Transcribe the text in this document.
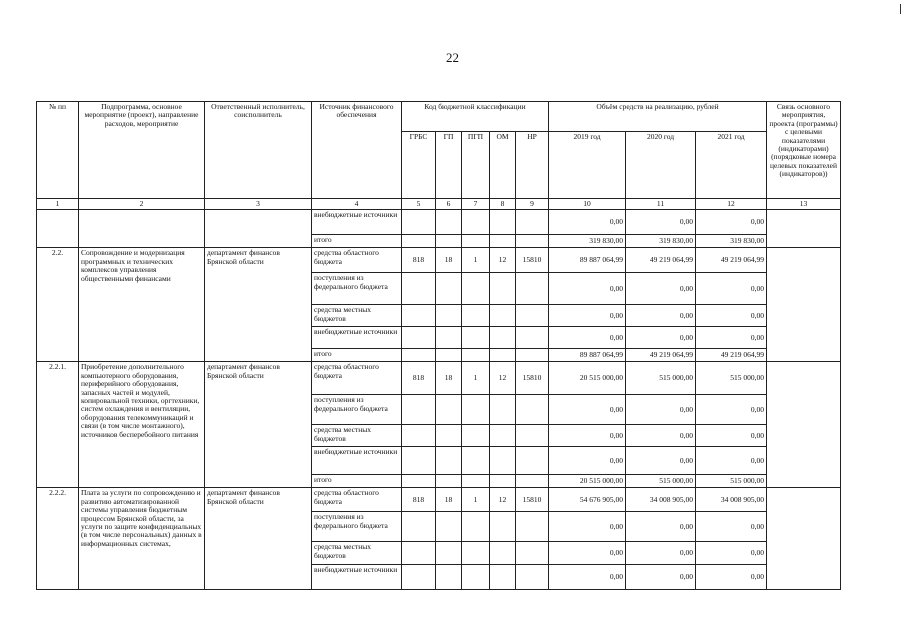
22
№ пп	Подпрограмма, основное мероприятие (проект), направление расходов, мероприятие	Ответственный исполнитель, соисполнитель	Источник финансового обеспечения	Код бюджетной классификации					Объём средств на реализацию, рублей			Связь основного мероприятия, проекта (программы) с целевыми показателями (индикаторами) (порядковые номера целевых показателей (индикаторов))
				ГРБС	ГП	ПГП	ОМ	НР	2019 год	2020 год	2021 год	
1	2	3	4	5	6	7	8	9	10	11	12	13
			внебюджетные источники						0,00	0,00	0,00	
			итого						319 830,00	319 830,00	319 830,00	
2.2.	Сопровождение и модернизация программных и технических комплексов управления общественными финансами	департамент финансов Брянской области	средства областного бюджета	818	18	1	12	15810	89 887 064,99	49 219 064,99	49 219 064,99	
			поступления из федерального бюджета						0,00	0,00	0,00	
			средства местных бюджетов						0,00	0,00	0,00	
			внебюджетные источники						0,00	0,00	0,00	
			итого						89 887 064,99	49 219 064,99	49 219 064,99	
2.2.1.	Приобретение дополнительного компьютерного оборудования, периферийного оборудования, запасных частей и модулей, копировальной техники, оргтехники, систем охлаждения и вентиляции, оборудования телекоммуникаций и связи (в том числе монтажного), источников бесперебойного питания	департамент финансов Брянской области	средства областного бюджета	818	18	1	12	15810	20 515 000,00	515 000,00	515 000,00	
			поступления из федерального бюджета						0,00	0,00	0,00	
			средства местных бюджетов						0,00	0,00	0,00	
			внебюджетные источники						0,00	0,00	0,00	
			итого						20 515 000,00	515 000,00	515 000,00	
2.2.2.	Плата за услуги по сопровождению и развитию автоматизированной системы управления бюджетным процессом Брянской области, за услуги по защите конфиденциальных (в том числе персональных) данных в информационных системах,	департамент финансов Брянской области	средства областного бюджета	818	18	1	12	15810	54 676 905,00	34 008 905,00	34 008 905,00	
			поступления из федерального бюджета						0,00	0,00	0,00	
			средства местных бюджетов						0,00	0,00	0,00	
			внебюджетные источники						0,00	0,00	0,00	
